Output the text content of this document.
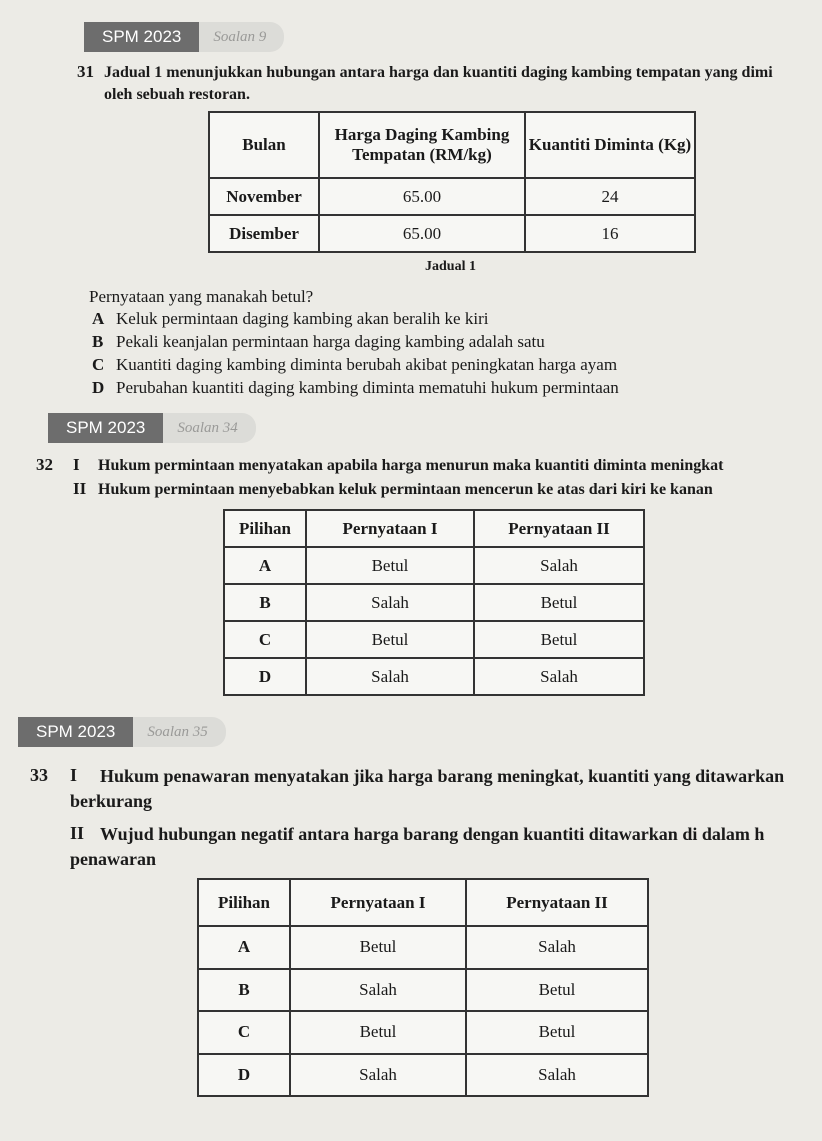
SPM 2023	Soalan 9
31 Jadual 1 menunjukkan hubungan antara harga dan kuantiti daging kambing tempatan yang dimi
oleh sebuah restoran.
Bulan	Harga Daging Kambing Tempatan (RM/kg)	Kuantiti Diminta (Kg)
November	65.00	24
Disember	65.00	16
Jadual 1
Pernyataan yang manakah betul?
A Keluk permintaan daging kambing akan beralih ke kiri
B Pekali keanjalan permintaan harga daging kambing adalah satu
C Kuantiti daging kambing diminta berubah akibat peningkatan harga ayam
D Perubahan kuantiti daging kambing diminta mematuhi hukum permintaan
SPM 2023	Soalan 34
32 I Hukum permintaan menyatakan apabila harga menurun maka kuantiti diminta meningkat
II Hukum permintaan menyebabkan keluk permintaan mencerun ke atas dari kiri ke kanan
Pilihan	Pernyataan I	Pernyataan II
A	Betul	Salah
B	Salah	Betul
C	Betul	Betul
D	Salah	Salah
SPM 2023	Soalan 35
33 I Hukum penawaran menyatakan jika harga barang meningkat, kuantiti yang ditawarkan
berkurang
II Wujud hubungan negatif antara harga barang dengan kuantiti ditawarkan di dalam h
penawaran
Pilihan	Pernyataan I	Pernyataan II
A	Betul	Salah
B	Salah	Betul
C	Betul	Betul
D	Salah	Salah
